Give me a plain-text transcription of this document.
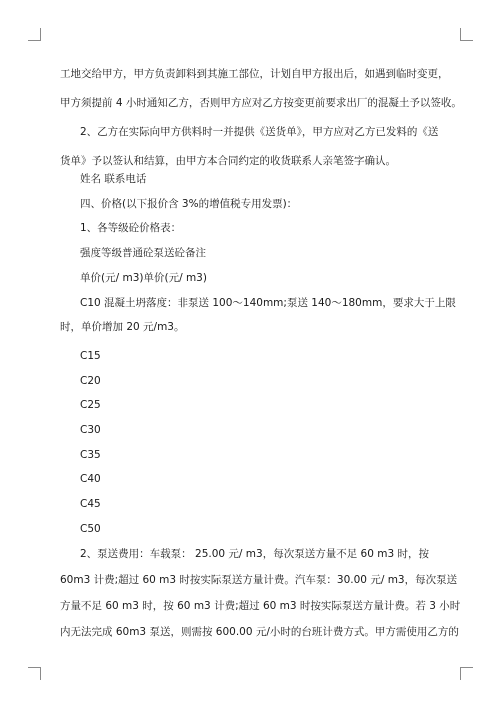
工地交给甲方，甲方负责卸料到其施工部位，计划自甲方报出后，如遇到临时变更，
甲方须提前 4 小时通知乙方，否则甲方应对乙方按变更前要求出厂的混凝土予以签收。
2、乙方在实际向甲方供料时一并提供《送货单》，甲方应对乙方已发料的《送
货单》予以签认和结算，由甲方本合同约定的收货联系人亲笔签字确认。
姓名 联系电话
四、价格(以下报价含 3%的增值税专用发票)：
1、各等级砼价格表：
强度等级普通砼泵送砼备注
单价(元/ m3)单价(元/ m3)
C10 混凝土坍落度：非泵送 100～140mm;泵送 140～180mm，要求大于上限
时，单价增加 20 元/m3。
C15
C20
C25
C30
C35
C40
C45
C50
2、泵送费用：车载泵： 25.00 元/ m3，每次泵送方量不足 60 m3 时，按
60m3 计费;超过 60 m3 时按实际泵送方量计费。汽车泵：30.00 元/ m3，每次泵送
方量不足 60 m3 时，按 60 m3 计费;超过 60 m3 时按实际泵送方量计费。若 3 小时
内无法完成 60m3 泵送，则需按 600.00 元/小时的台班计费方式。甲方需使用乙方的
